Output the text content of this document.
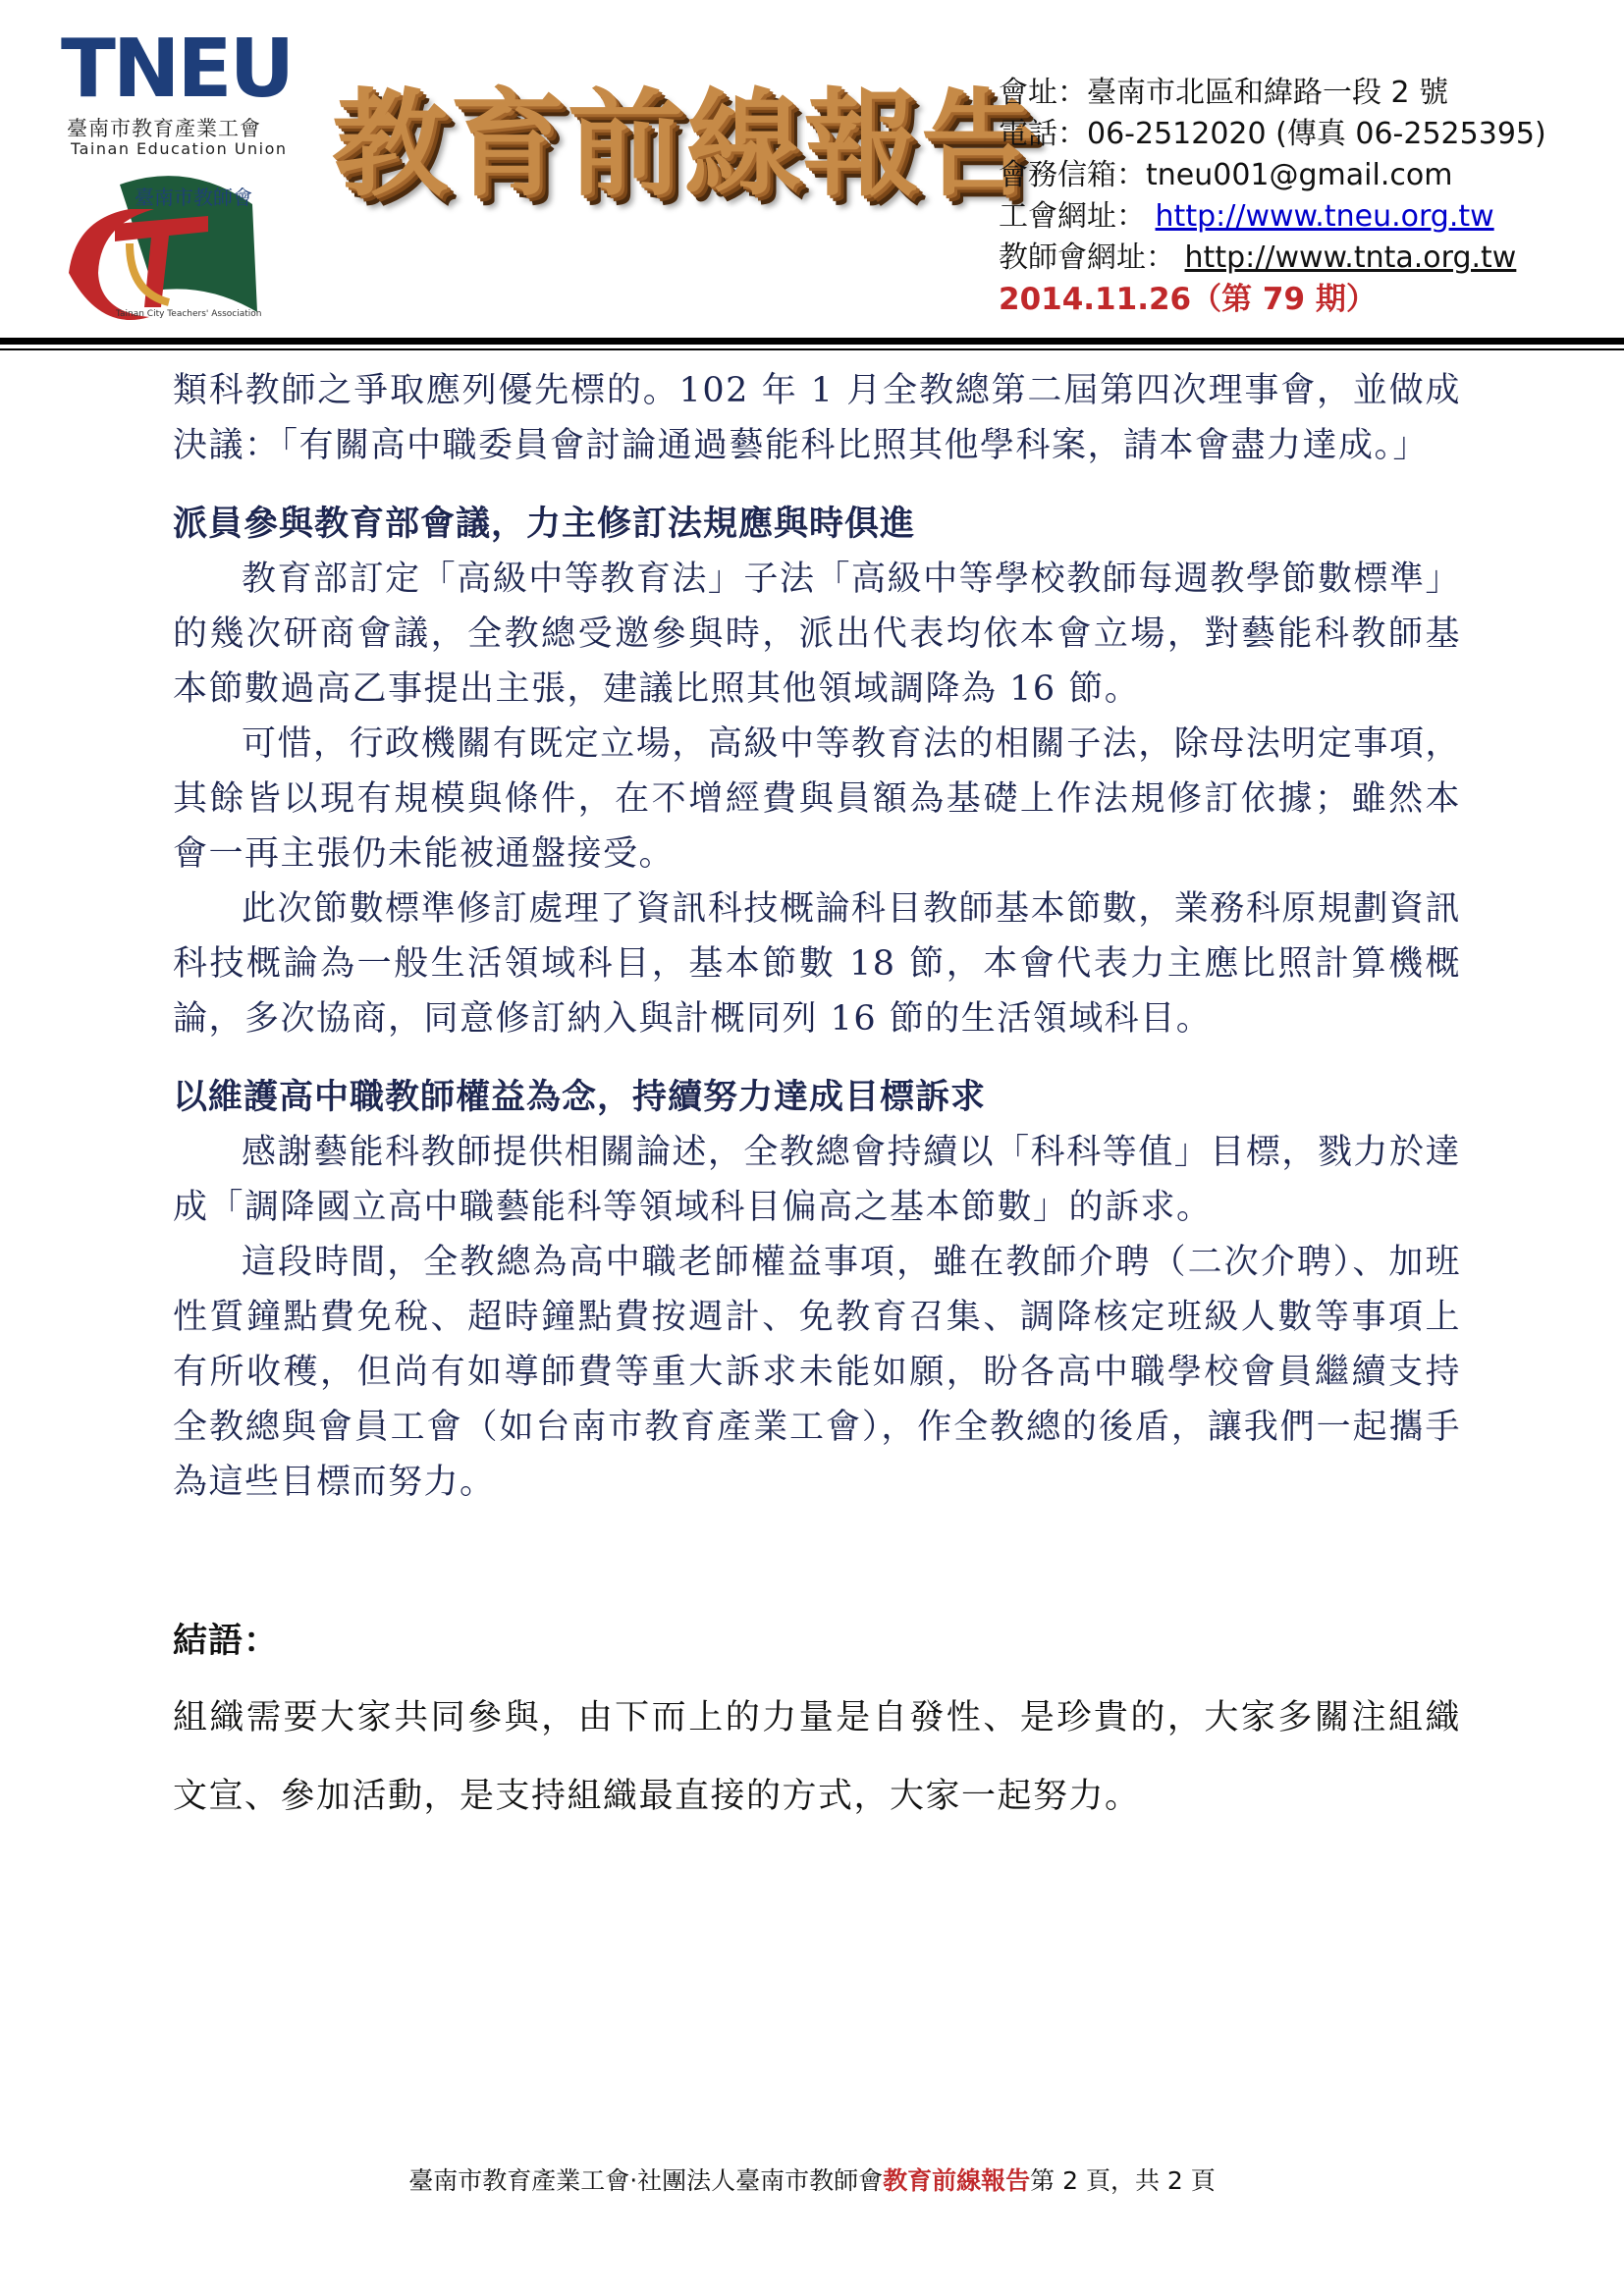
TNEU
臺南市教育產業工會
Tainan Education Union
臺南市教師會
Tainan City Teachers' Association
教育前線報告
會址：臺南市北區和緯路一段 2 號
電話：06-2512020 (傳真 06-2525395)
會務信箱：tneu001@gmail.com
工會網址： http://www.tneu.org.tw
教師會網址： http://www.tnta.org.tw
2014.11.26（第 79 期）

類科教師之爭取應列優先標的。102 年 1 月全教總第二屆第四次理事會，並做成決議：「有關高中職委員會討論通過藝能科比照其他學科案，請本會盡力達成。」

派員參與教育部會議，力主修訂法規應與時俱進

教育部訂定「高級中等教育法」子法「高級中等學校教師每週教學節數標準」的幾次研商會議，全教總受邀參與時，派出代表均依本會立場，對藝能科教師基本節數過高乙事提出主張，建議比照其他領域調降為 16 節。

可惜，行政機關有既定立場，高級中等教育法的相關子法，除母法明定事項，其餘皆以現有規模與條件，在不增經費與員額為基礎上作法規修訂依據；雖然本會一再主張仍未能被通盤接受。

此次節數標準修訂處理了資訊科技概論科目教師基本節數，業務科原規劃資訊科技概論為一般生活領域科目，基本節數 18 節，本會代表力主應比照計算機概論，多次協商，同意修訂納入與計概同列 16 節的生活領域科目。

以維護高中職教師權益為念，持續努力達成目標訴求

感謝藝能科教師提供相關論述，全教總會持續以「科科等值」目標，戮力於達成「調降國立高中職藝能科等領域科目偏高之基本節數」的訴求。

這段時間，全教總為高中職老師權益事項，雖在教師介聘（二次介聘）、加班性質鐘點費免稅、超時鐘點費按週計、免教育召集、調降核定班級人數等事項上有所收穫，但尚有如導師費等重大訴求未能如願，盼各高中職學校會員繼續支持全教總與會員工會（如台南市教育產業工會），作全教總的後盾，讓我們一起攜手為這些目標而努力。

結語：

組織需要大家共同參與，由下而上的力量是自發性、是珍貴的，大家多關注組織文宣、參加活動，是支持組織最直接的方式，大家一起努力。

臺南市教育產業工會‧社團法人臺南市教師會教育前線報告第 2 頁，共 2 頁
